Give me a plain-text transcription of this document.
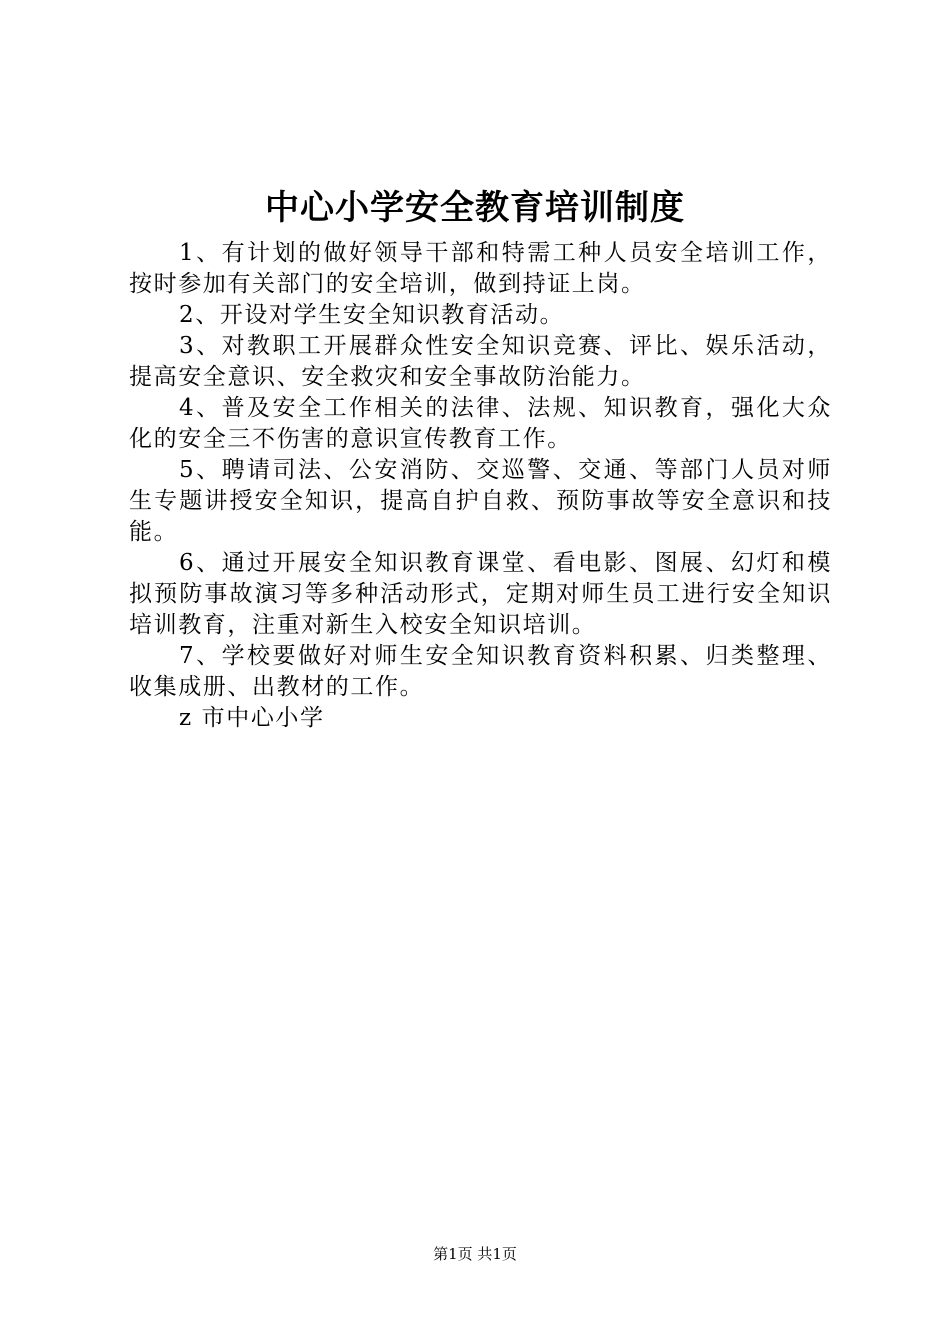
中心小学安全教育培训制度

1、有计划的做好领导干部和特需工种人员安全培训工作，按时参加有关部门的安全培训，做到持证上岗。

2、开设对学生安全知识教育活动。

3、对教职工开展群众性安全知识竞赛、评比、娱乐活动，提高安全意识、安全救灾和安全事故防治能力。

4、普及安全工作相关的法律、法规、知识教育，强化大众化的安全三不伤害的意识宣传教育工作。

5、聘请司法、公安消防、交巡警、交通、等部门人员对师生专题讲授安全知识，提高自护自救、预防事故等安全意识和技能。

6、通过开展安全知识教育课堂、看电影、图展、幻灯和模拟预防事故演习等多种活动形式，定期对师生员工进行安全知识培训教育，注重对新生入校安全知识培训。

7、学校要做好对师生安全知识教育资料积累、归类整理、收集成册、出教材的工作。

z 市中心小学

第1页 共1页
